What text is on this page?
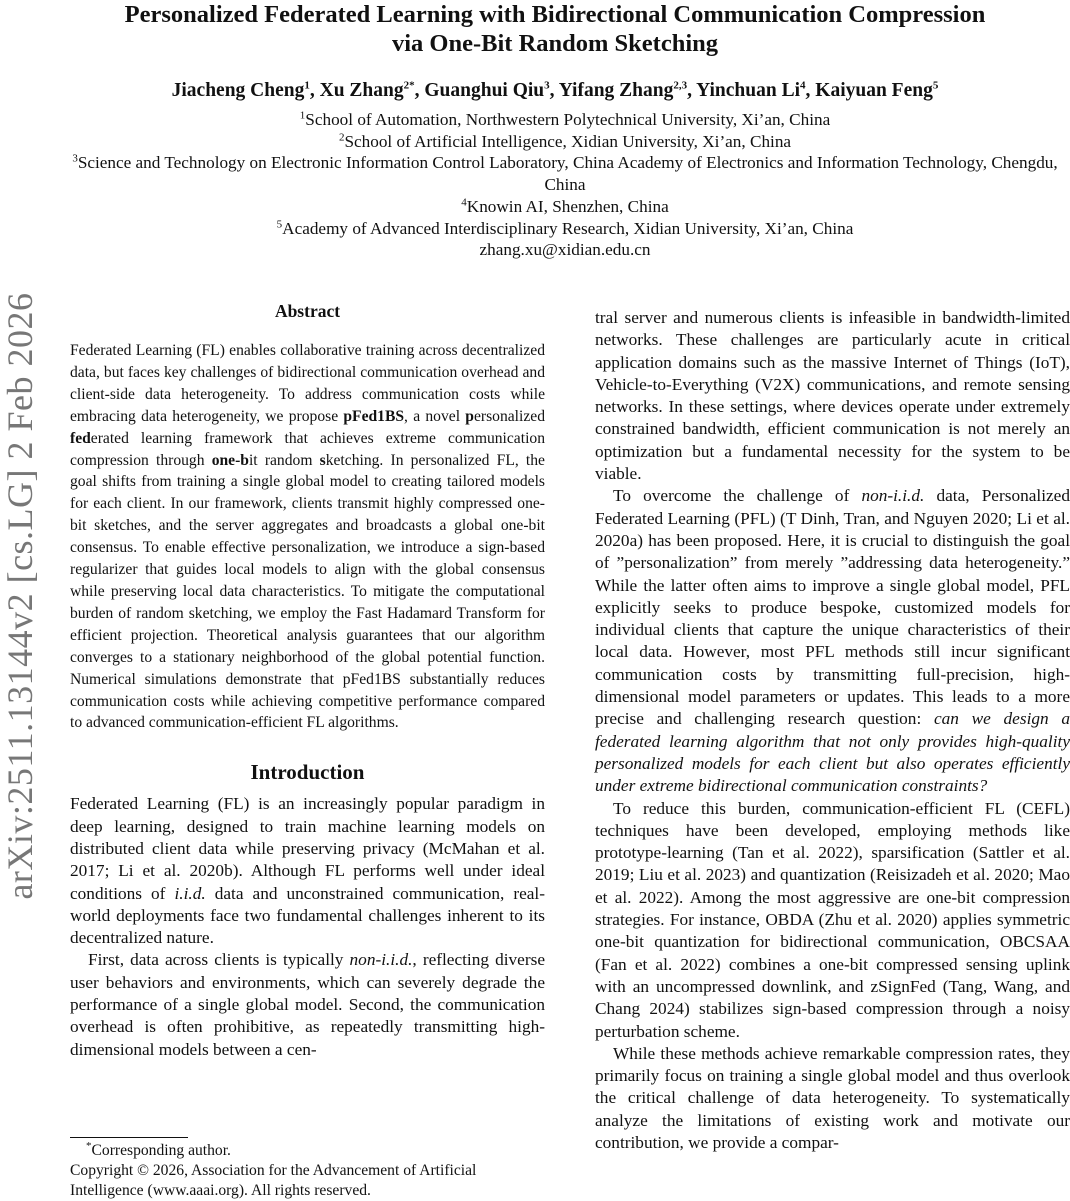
arXiv:2511.13144v2 [cs.LG] 2 Feb 2026
Personalized Federated Learning with Bidirectional Communication Compression
via One-Bit Random Sketching
Jiacheng Cheng$^1$, Xu Zhang$^{2*}$, Guanghui Qiu$^3$, Yifang Zhang$^{2,3}$, Yinchuan Li$^4$, Kaiyuan Feng$^5$
$^1$School of Automation, Northwestern Polytechnical University, Xi’an, China
$^2$School of Artificial Intelligence, Xidian University, Xi’an, China
$^3$Science and Technology on Electronic Information Control Laboratory, China Academy of Electronics and Information Technology, Chengdu, China
$^4$Knowin AI, Shenzhen, China
$^5$Academy of Advanced Interdisciplinary Research, Xidian University, Xi’an, China
zhang.xu@xidian.edu.cn
Abstract

Federated Learning (FL) enables collaborative training across decentralized data, but faces key challenges of bidirectional communication overhead and client-side data heterogeneity. To address communication costs while embracing data heterogeneity, we propose pFed1BS, a novel personalized federated learning framework that achieves extreme communication compression through one-bit random sketching. In personalized FL, the goal shifts from training a single global model to creating tailored models for each client. In our framework, clients transmit highly compressed one-bit sketches, and the server aggregates and broadcasts a global one-bit consensus. To enable effective personalization, we introduce a sign-based regularizer that guides local models to align with the global consensus while preserving local data characteristics. To mitigate the computational burden of random sketching, we employ the Fast Hadamard Transform for efficient projection. Theoretical analysis guarantees that our algorithm converges to a stationary neighborhood of the global potential function. Numerical simulations demonstrate that pFed1BS substantially reduces communication costs while achieving competitive performance compared to advanced communication-efficient FL algorithms.

Introduction

Federated Learning (FL) is an increasingly popular paradigm in deep learning, designed to train machine learning models on distributed client data while preserving privacy (McMahan et al. 2017; Li et al. 2020b). Although FL performs well under ideal conditions of i.i.d. data and unconstrained communication, real-world deployments face two fundamental challenges inherent to its decentralized nature.

First, data across clients is typically non-i.i.d., reflecting diverse user behaviors and environments, which can severely degrade the performance of a single global model. Second, the communication overhead is often prohibitive, as repeatedly transmitting high-dimensional models between a cen-

tral server and numerous clients is infeasible in bandwidth-limited networks. These challenges are particularly acute in critical application domains such as the massive Internet of Things (IoT), Vehicle-to-Everything (V2X) communications, and remote sensing networks. In these settings, where devices operate under extremely constrained bandwidth, efficient communication is not merely an optimization but a fundamental necessity for the system to be viable.

To overcome the challenge of non-i.i.d. data, Personalized Federated Learning (PFL) (T Dinh, Tran, and Nguyen 2020; Li et al. 2020a) has been proposed. Here, it is crucial to distinguish the goal of ”personalization” from merely ”addressing data heterogeneity.” While the latter often aims to improve a single global model, PFL explicitly seeks to produce bespoke, customized models for individual clients that capture the unique characteristics of their local data. However, most PFL methods still incur significant communication costs by transmitting full-precision, high-dimensional model parameters or updates. This leads to a more precise and challenging research question: can we design a federated learning algorithm that not only provides high-quality personalized models for each client but also operates efficiently under extreme bidirectional communication constraints?

To reduce this burden, communication-efficient FL (CEFL) techniques have been developed, employing methods like prototype-learning (Tan et al. 2022), sparsification (Sattler et al. 2019; Liu et al. 2023) and quantization (Reisizadeh et al. 2020; Mao et al. 2022). Among the most aggressive are one-bit compression strategies. For instance, OBDA (Zhu et al. 2020) applies symmetric one-bit quantization for bidirectional communication, OBCSAA (Fan et al. 2022) combines a one-bit compressed sensing uplink with an uncompressed downlink, and zSignFed (Tang, Wang, and Chang 2024) stabilizes sign-based compression through a noisy perturbation scheme.

While these methods achieve remarkable compression rates, they primarily focus on training a single global model and thus overlook the critical challenge of data heterogeneity. To systematically analyze the limitations of existing work and motivate our contribution, we provide a compar-

*Corresponding author.
Copyright © 2026, Association for the Advancement of Artificial Intelligence (www.aaai.org). All rights reserved.
